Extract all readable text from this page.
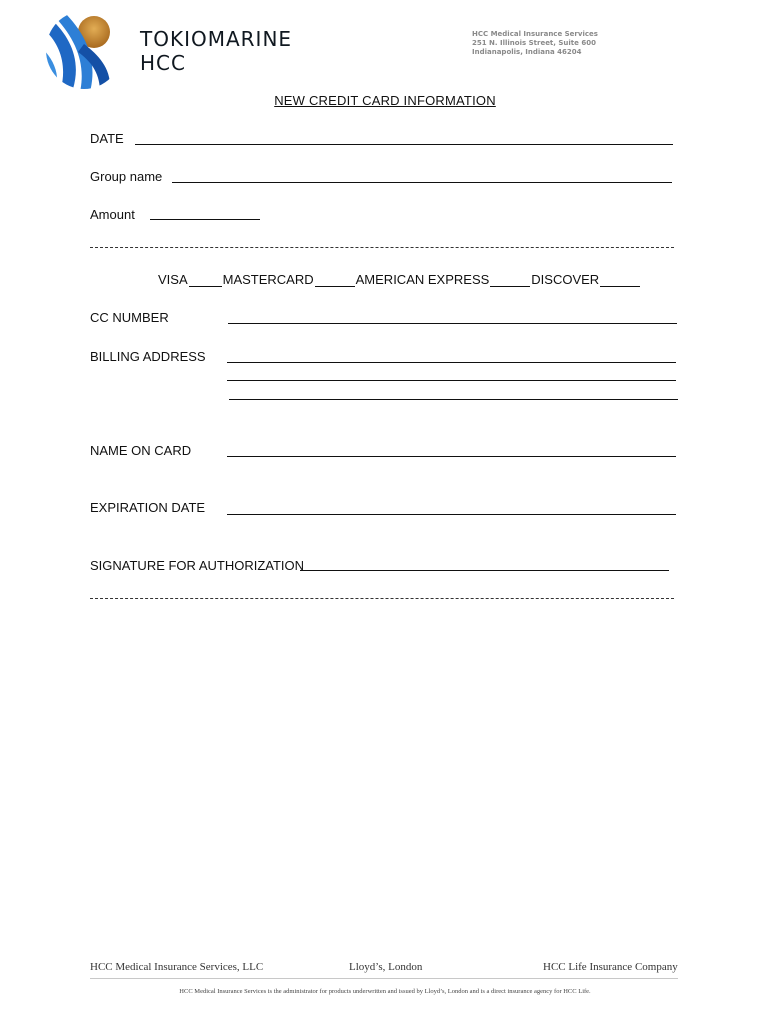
TOKIOMARINE
HCC
HCC Medical Insurance Services
251 N. Illinois Street, Suite 600
Indianapolis, Indiana 46204
NEW CREDIT CARD INFORMATION
DATE
Group name
Amount
VISA	MASTERCARD	AMERICAN EXPRESS	DISCOVER
CC NUMBER
BILLING ADDRESS
NAME ON CARD
EXPIRATION DATE
SIGNATURE FOR AUTHORIZATION
HCC Medical Insurance Services, LLC	Lloyd’s, London	HCC Life Insurance Company
HCC Medical Insurance Services is the administrator for products underwritten and issued by Lloyd’s, London and is a direct insurance agency for HCC Life.
